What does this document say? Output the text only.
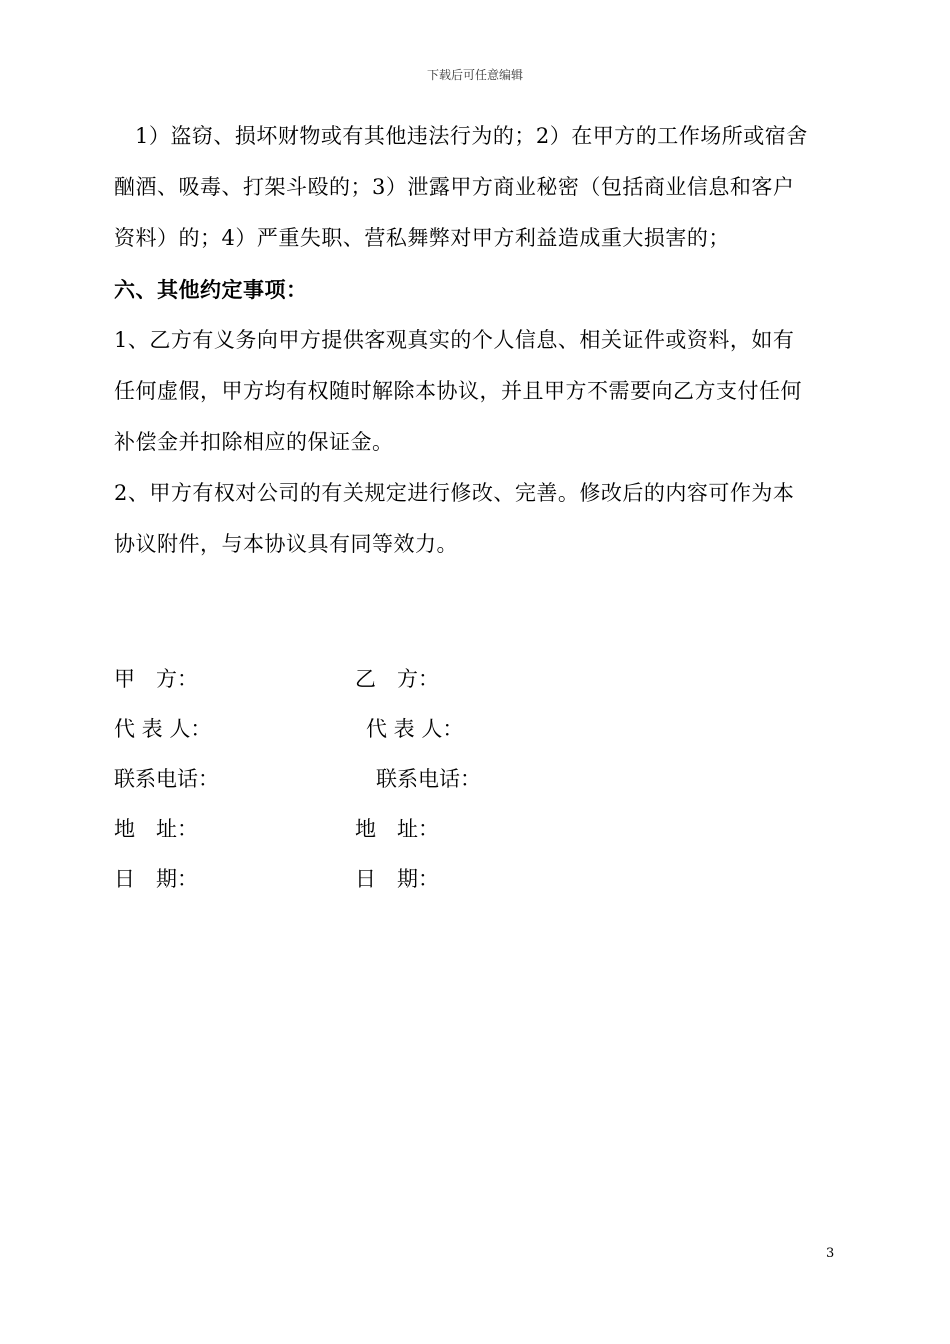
下载后可任意编辑

1）盗窃、损坏财物或有其他违法行为的；2）在甲方的工作场所或宿舍

酗酒、吸毒、打架斗殴的；3）泄露甲方商业秘密（包括商业信息和客户

资料）的；4）严重失职、营私舞弊对甲方利益造成重大损害的；

六、其他约定事项：

1、乙方有义务向甲方提供客观真实的个人信息、相关证件或资料，如有

任何虚假，甲方均有权随时解除本协议，并且甲方不需要向乙方支付任何

补偿金并扣除相应的保证金。

2、甲方有权对公司的有关规定进行修改、完善。修改后的内容可作为本

协议附件，与本协议具有同等效力。

甲　方：	乙　方：
代 表 人：	代 表 人：
联系电话：	联系电话：
地　址：	地　址：
日　期：	日　期：
3
